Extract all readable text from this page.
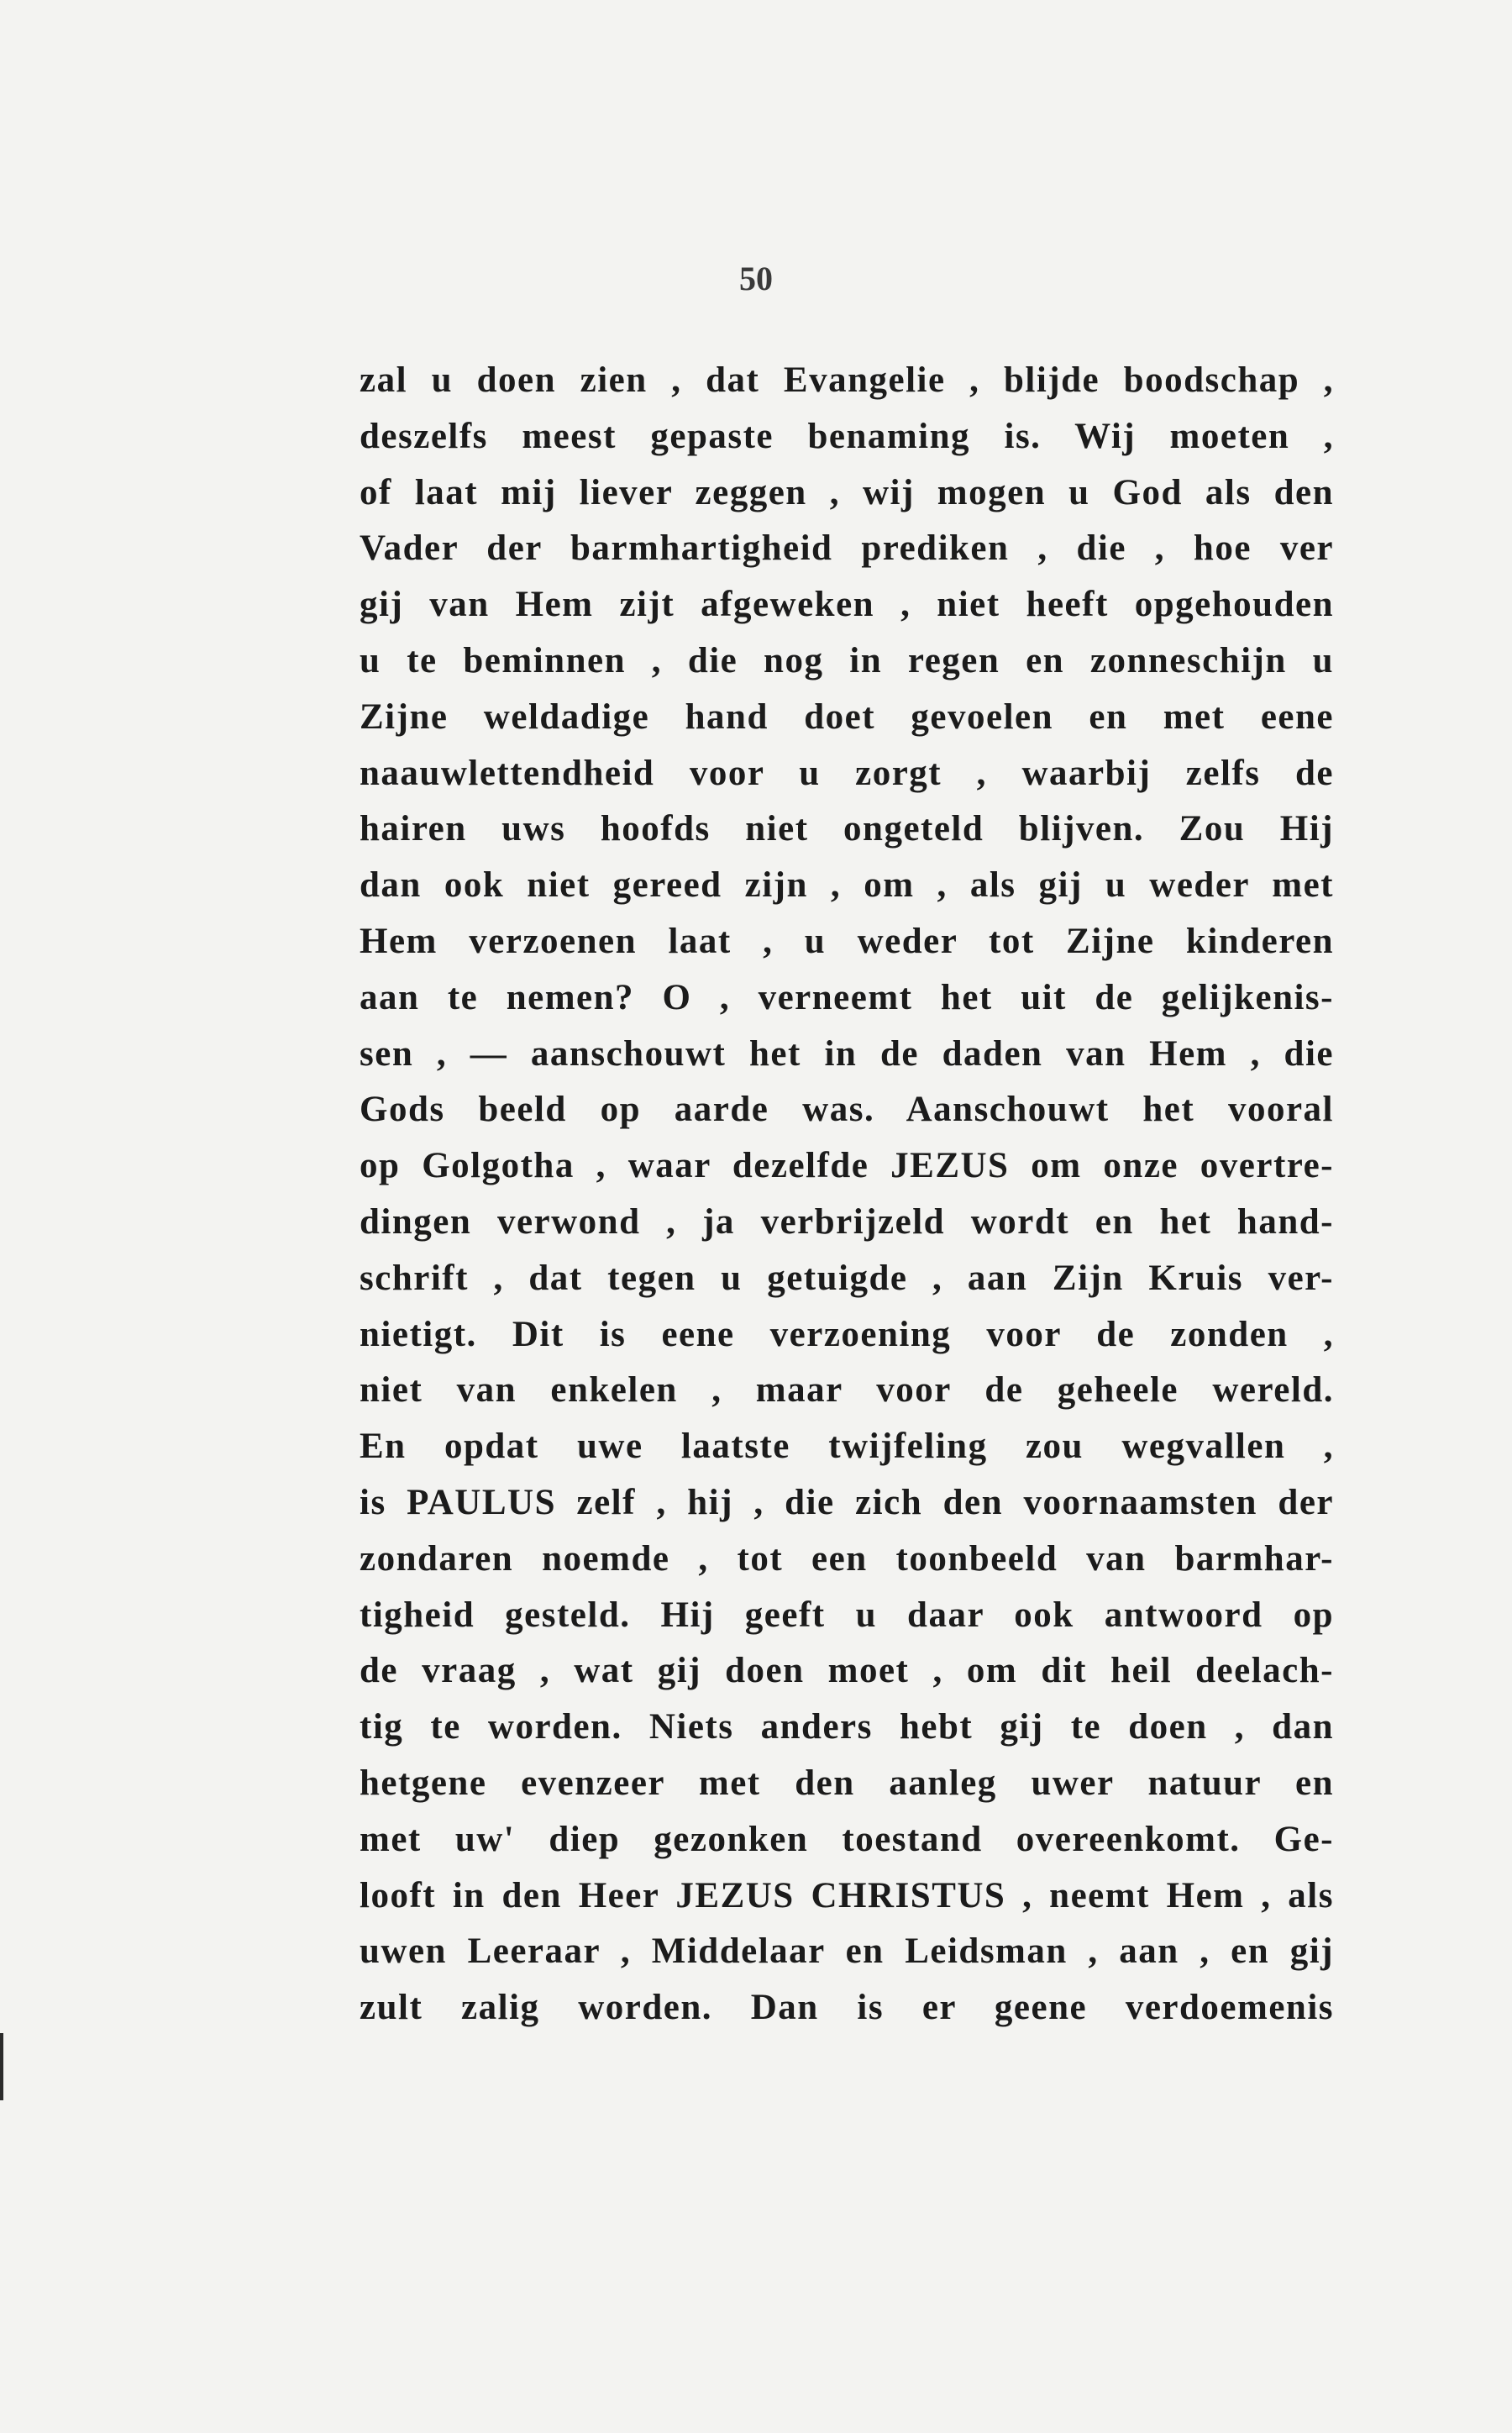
50
zal u doen zien , dat Evangelie , blijde boodschap ,
deszelfs meest gepaste benaming is. Wij moeten ,
of laat mij liever zeggen , wij mogen u God als den
Vader der barmhartigheid prediken , die , hoe ver
gij van Hem zijt afgeweken , niet heeft opgehouden
u te beminnen , die nog in regen en zonneschijn u
Zijne weldadige hand doet gevoelen en met eene
naauwlettendheid voor u zorgt , waarbij zelfs de
hairen uws hoofds niet ongeteld blijven. Zou Hij
dan ook niet gereed zijn , om , als gij u weder met
Hem verzoenen laat , u weder tot Zijne kinderen
aan te nemen? O , verneemt het uit de gelijkenis-
sen , — aanschouwt het in de daden van Hem , die
Gods beeld op aarde was. Aanschouwt het vooral
op Golgotha , waar dezelfde JEZUS om onze overtre-
dingen verwond , ja verbrijzeld wordt en het hand-
schrift , dat tegen u getuigde , aan Zijn Kruis ver-
nietigt. Dit is eene verzoening voor de zonden ,
niet van enkelen , maar voor de geheele wereld.
En opdat uwe laatste twijfeling zou wegvallen ,
is PAULUS zelf , hij , die zich den voornaamsten der
zondaren noemde , tot een toonbeeld van barmhar-
tigheid gesteld. Hij geeft u daar ook antwoord op
de vraag , wat gij doen moet , om dit heil deelach-
tig te worden. Niets anders hebt gij te doen , dan
hetgene evenzeer met den aanleg uwer natuur en
met uw' diep gezonken toestand overeenkomt. Ge-
looft in den Heer JEZUS CHRISTUS , neemt Hem , als
uwen Leeraar , Middelaar en Leidsman , aan , en gij
zult zalig worden. Dan is er geene verdoemenis
